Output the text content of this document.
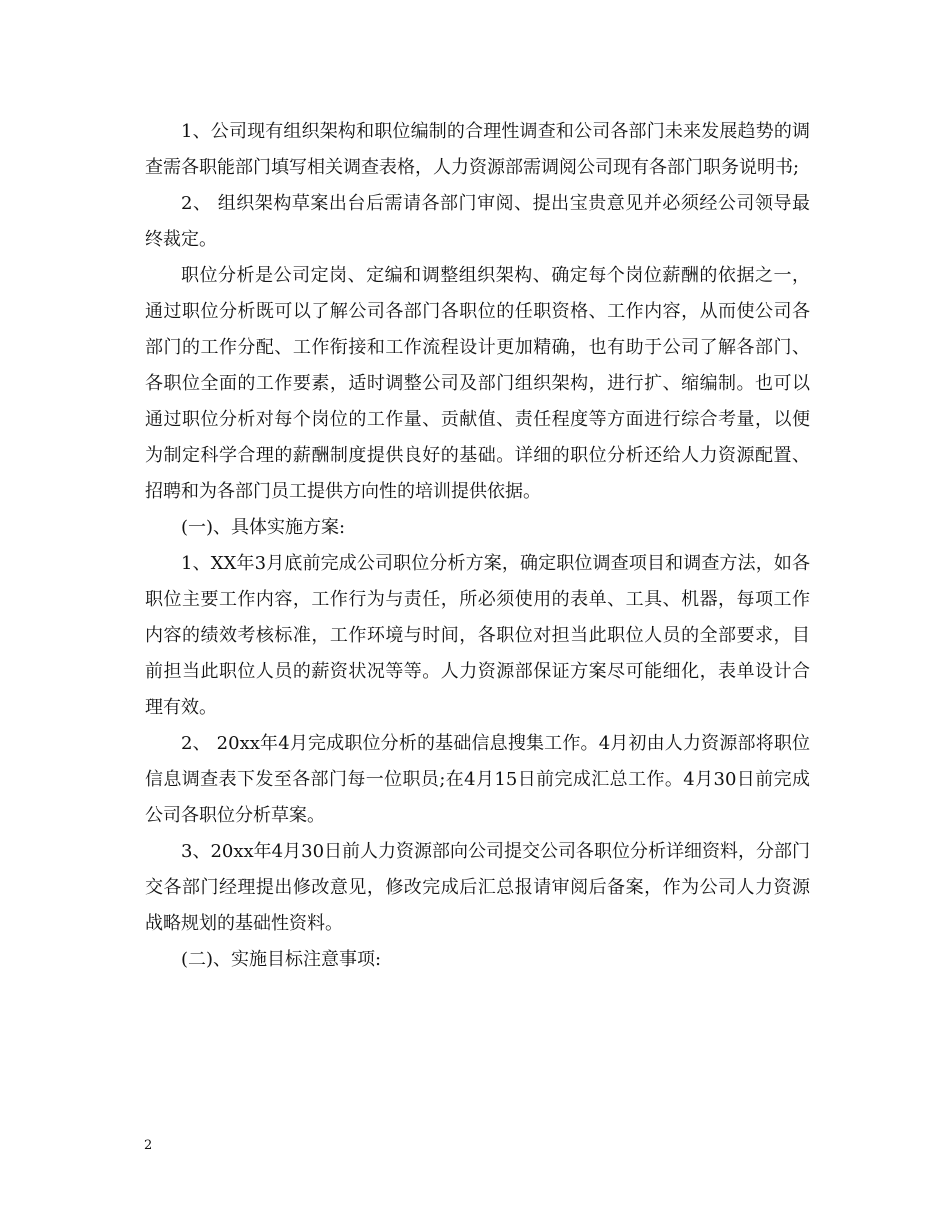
1、公司现有组织架构和职位编制的合理性调查和公司各部门未来发展趋势的调查需各职能部门填写相关调查表格，人力资源部需调阅公司现有各部门职务说明书;

2、 组织架构草案出台后需请各部门审阅、提出宝贵意见并必须经公司领导最终裁定。

职位分析是公司定岗、定编和调整组织架构、确定每个岗位薪酬的依据之一，通过职位分析既可以了解公司各部门各职位的任职资格、工作内容，从而使公司各部门的工作分配、工作衔接和工作流程设计更加精确，也有助于公司了解各部门、各职位全面的工作要素，适时调整公司及部门组织架构，进行扩、缩编制。也可以通过职位分析对每个岗位的工作量、贡献值、责任程度等方面进行综合考量，以便为制定科学合理的薪酬制度提供良好的基础。详细的职位分析还给人力资源配置、招聘和为各部门员工提供方向性的培训提供依据。

(一)、具体实施方案:

1、XX年3月底前完成公司职位分析方案，确定职位调查项目和调查方法，如各职位主要工作内容，工作行为与责任，所必须使用的表单、工具、机器，每项工作内容的绩效考核标准，工作环境与时间，各职位对担当此职位人员的全部要求，目前担当此职位人员的薪资状况等等。人力资源部保证方案尽可能细化，表单设计合理有效。

2、 20xx年4月完成职位分析的基础信息搜集工作。4月初由人力资源部将职位信息调查表下发至各部门每一位职员;在4月15日前完成汇总工作。4月30日前完成公司各职位分析草案。

3、20xx年4月30日前人力资源部向公司提交公司各职位分析详细资料，分部门交各部门经理提出修改意见，修改完成后汇总报请审阅后备案，作为公司人力资源战略规划的基础性资料。

(二)、实施目标注意事项:

2
